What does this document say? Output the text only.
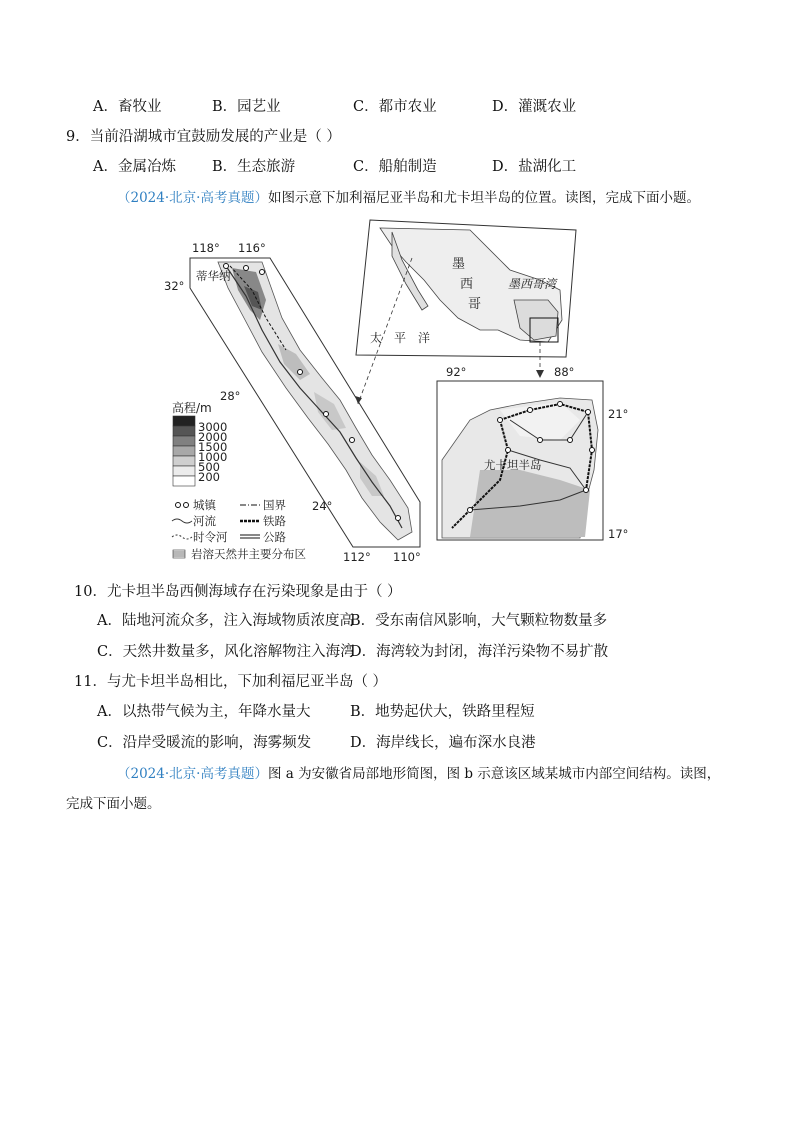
A．畜牧业	B．园艺业	C．都市农业	D．灌溉农业
9．当前沿湖城市宜鼓励发展的产业是（ ）
A．金属冶炼 B．生态旅游	C．船舶制造	D．盐湖化工
（2024·北京·高考真题）如图示意下加利福尼亚半岛和尤卡坦半岛的位置。读图，完成下面小题。
118° 116°
112° 110°
32°
28°
24°
蒂华纳
高程/m
3000
2000
1500
1000
500
200
城镇	国界
河流	铁路
时令河	公路
岩溶天然井主要分布区
墨
西
哥
墨西哥湾
太 平 洋
尤卡坦半岛
92°	88°
21°
17°
10．尤卡坦半岛西侧海域存在污染现象是由于（ ）
A．陆地河流众多，注入海域物质浓度高
B．受东南信风影响，大气颗粒物数量多
C．天然井数量多，风化溶解物注入海湾
D．海湾较为封闭，海洋污染物不易扩散
11．与尤卡坦半岛相比，下加利福尼亚半岛（ ）
A．以热带气候为主，年降水量大	B．地势起伏大，铁路里程短
C．沿岸受暖流的影响，海雾频发	D．海岸线长，遍布深水良港
（2024·北京·高考真题）图 a 为安徽省局部地形简图，图 b 示意该区域某城市内部空间结构。读图，
完成下面小题。
